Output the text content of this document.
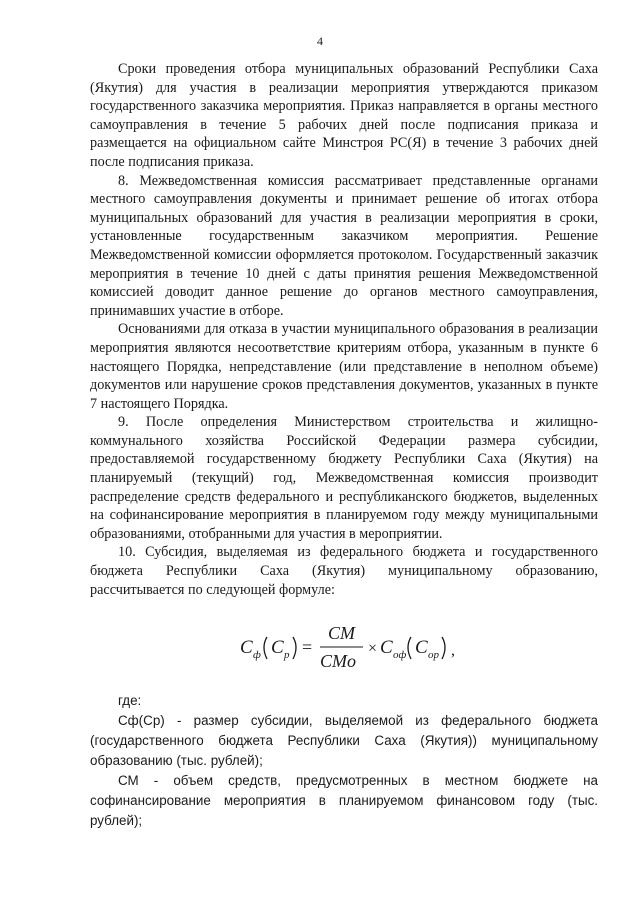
4

Сроки проведения отбора муниципальных образований Республики Саха (Якутия) для участия в реализации мероприятия утверждаются приказом государственного заказчика мероприятия. Приказ направляется в органы местного самоуправления в течение 5 рабочих дней после подписания приказа и размещается на официальном сайте Минстроя РС(Я) в течение 3 рабочих дней после подписания приказа.

8. Межведомственная комиссия рассматривает представленные органами местного самоуправления документы и принимает решение об итогах отбора муниципальных образований для участия в реализации мероприятия в сроки, установленные государственным заказчиком мероприятия. Решение Межведомственной комиссии оформляется протоколом. Государственный заказчик мероприятия в течение 10 дней с даты принятия решения Межведомственной комиссией доводит данное решение до органов местного самоуправления, принимавших участие в отборе.

Основаниями для отказа в участии муниципального образования в реализации мероприятия являются несоответствие критериям отбора, указанным в пункте 6 настоящего Порядка, непредставление (или представление в неполном объеме) документов или нарушение сроков представления документов, указанных в пункте 7 настоящего Порядка.

9. После определения Министерством строительства и жилищно-коммунального хозяйства Российской Федерации размера субсидии, предоставляемой государственному бюджету Республики Саха (Якутия) на планируемый (текущий) год, Межведомственная комиссия производит распределение средств федерального и республиканского бюджетов, выделенных на софинансирование мероприятия в планируемом году между муниципальными образованиями, отобранными для участия в мероприятии.

10. Субсидия, выделяемая из федерального бюджета и государственного бюджета Республики Саха (Якутия) муниципальному образованию, рассчитывается по следующей формуле:

C ф C р =
CM
CMo
× C оф C ор ,

где:

Сф(Ср) - размер субсидии, выделяемой из федерального бюджета (государственного бюджета Республики Саха (Якутия)) муниципальному образованию (тыс. рублей);

СМ - объем средств, предусмотренных в местном бюджете на софинансирование мероприятия в планируемом финансовом году (тыс. рублей);
